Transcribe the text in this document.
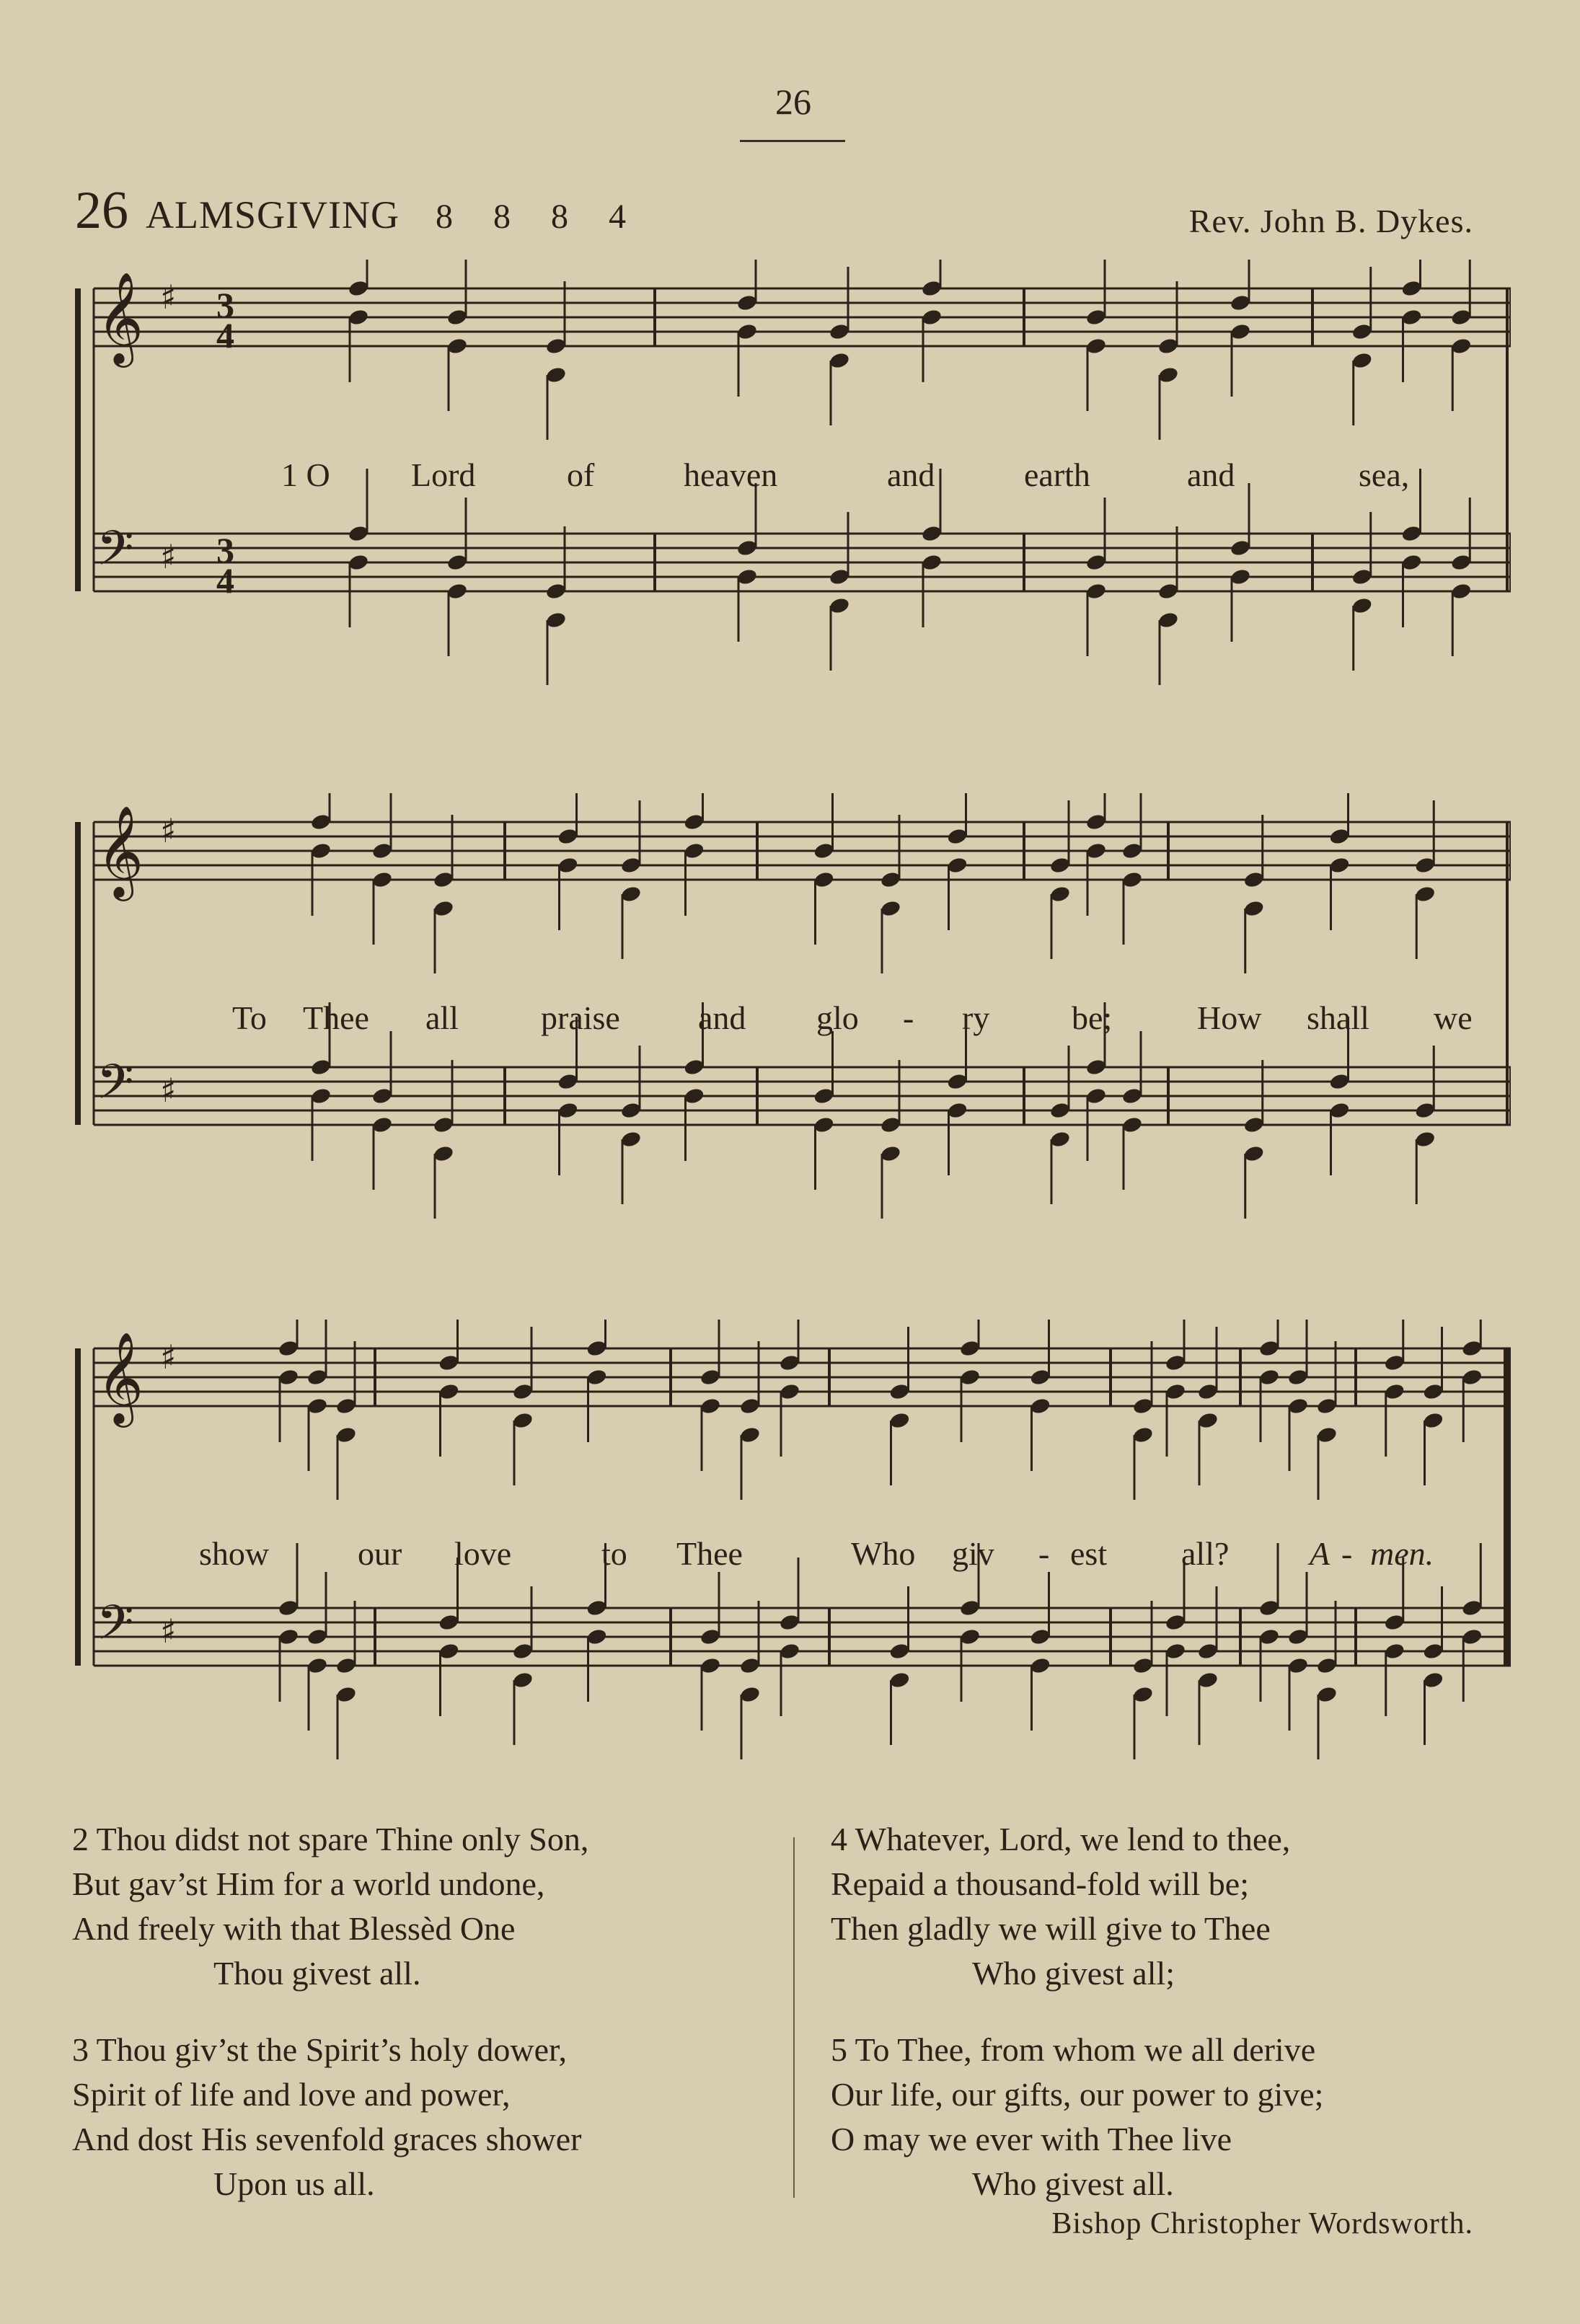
26
26 ALMSGIVING 8 8 8 4	Rev. John B. Dykes.
𝄞 ♯ 3
4
𝄢 ♯ 3
4
1 O Lord	of	heaven	and	earth	and	sea,
𝄞 ♯
𝄢 ♯
To Thee all praise and glo - ry be;	How shall we
𝄞 ♯
𝄢 ♯
show	our love	to Thee	Who giv - est all? A - men.
2 Thou didst not spare Thine only Son,
But gav’st Him for a world undone,
And freely with that Blessèd One
Thou givest all.
3 Thou giv’st the Spirit’s holy dower,
Spirit of life and love and power,
And dost His sevenfold graces shower
Upon us all.
4 Whatever, Lord, we lend to thee,
Repaid a thousand-fold will be;
Then gladly we will give to Thee
Who givest all;
5 To Thee, from whom we all derive
Our life, our gifts, our power to give;
O may we ever with Thee live
Who givest all.
Bishop Christopher Wordsworth.
